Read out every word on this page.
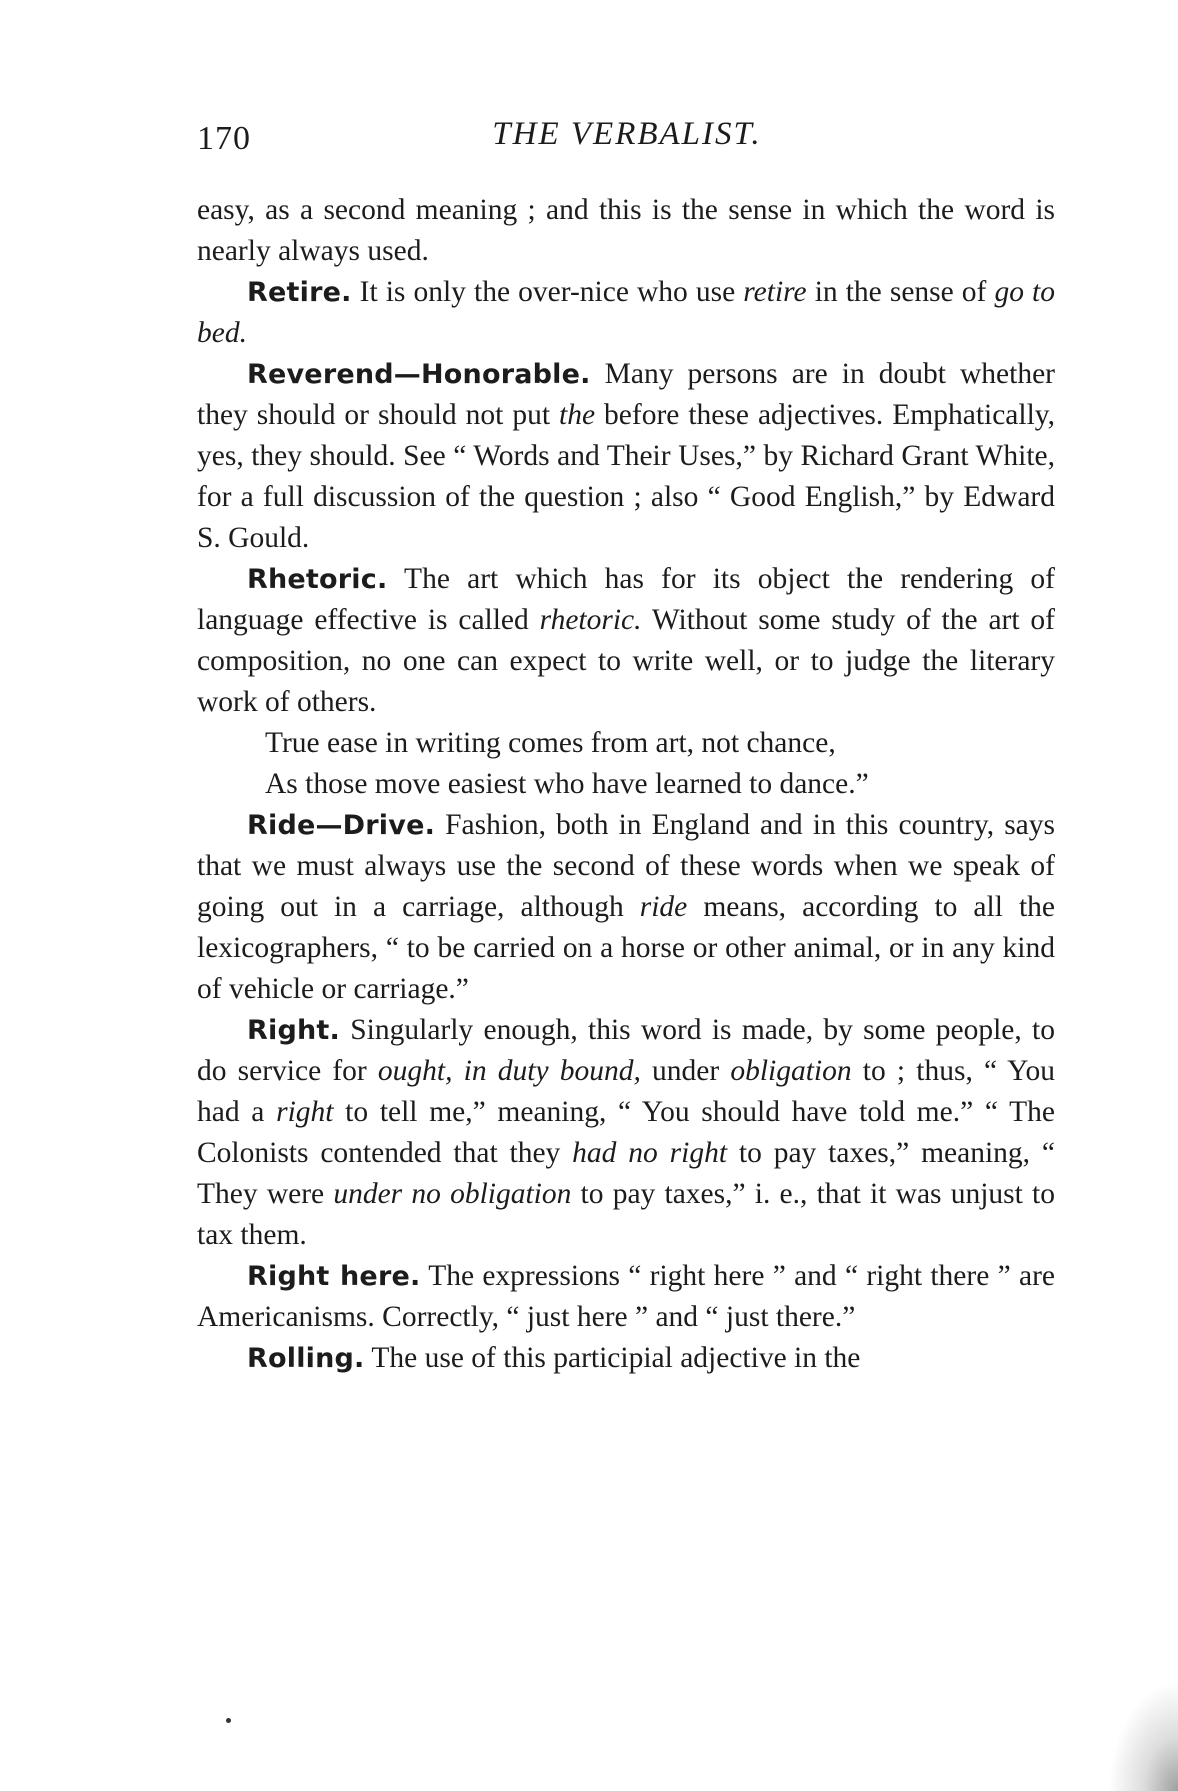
170	THE VERBALIST.

easy, as a second meaning ; and this is the sense in which the word is nearly always used.

Retire. It is only the over-nice who use retire in the sense of go to bed.

Reverend—Honorable. Many persons are in doubt whether they should or should not put the before these adjectives. Emphatically, yes, they should. See “ Words and Their Uses,” by Richard Grant White, for a full discussion of the question ; also “ Good English,” by Edward S. Gould.

Rhetoric. The art which has for its object the rendering of language effective is called rhetoric. Without some study of the art of composition, no one can expect to write well, or to judge the literary work of others.

True ease in writing comes from art, not chance,

As those move easiest who have learned to dance.”

Ride—Drive. Fashion, both in England and in this country, says that we must always use the second of these words when we speak of going out in a carriage, although ride means, according to all the lexicographers, “ to be carried on a horse or other animal, or in any kind of vehicle or carriage.”

Right. Singularly enough, this word is made, by some people, to do service for ought, in duty bound, under obligation to ; thus, “ You had a right to tell me,” meaning, “ You should have told me.” “ The Colonists contended that they had no right to pay taxes,” meaning, “ They were under no obligation to pay taxes,” i. e., that it was unjust to tax them.

Right here. The expressions “ right here ” and “ right there ” are Americanisms. Correctly, “ just here ” and “ just there.”

Rolling. The use of this participial adjective in the
